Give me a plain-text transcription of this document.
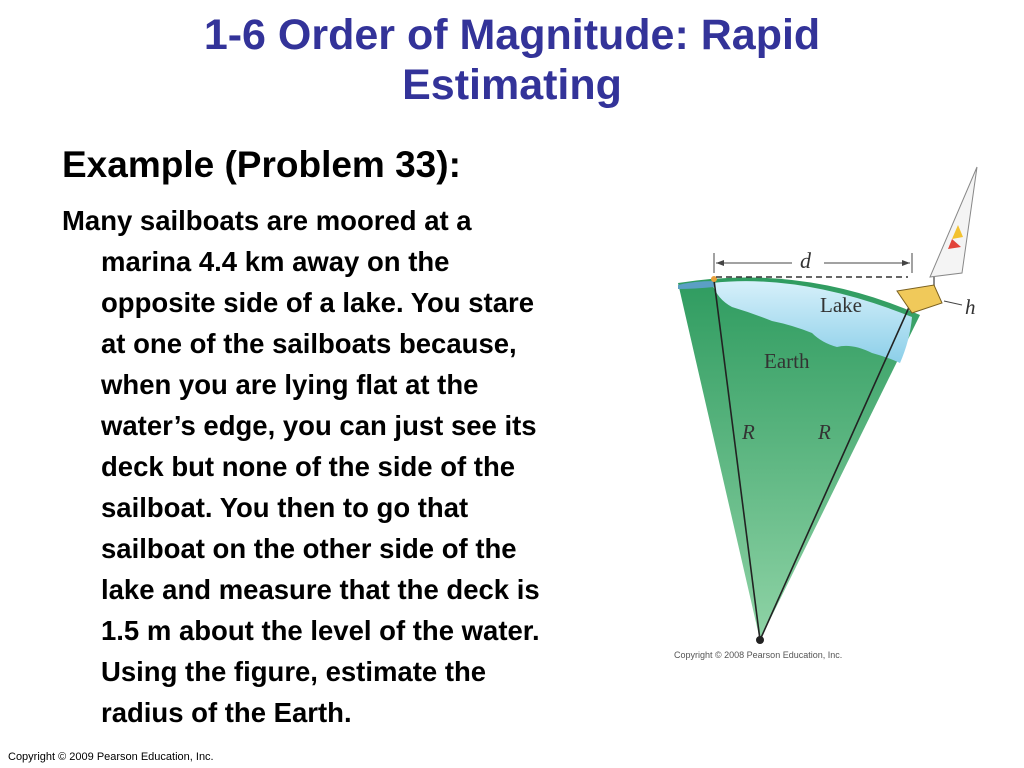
1-6 Order of Magnitude: Rapid
Estimating
Example (Problem 33):
Many sailboats are moored at a
marina 4.4 km away on the
opposite side of a lake. You stare
at one of the sailboats because,
when you are lying flat at the
water’s edge, you can just see its
deck but none of the side of the
sailboat. You then to go that
sailboat on the other side of the
lake and measure that the deck is
1.5 m about the level of the water.
Using the figure, estimate the
radius of the Earth.
d
Lake	h
Earth
R	R
Copyright © 2008 Pearson Education, Inc.
Copyright © 2009 Pearson Education, Inc.
